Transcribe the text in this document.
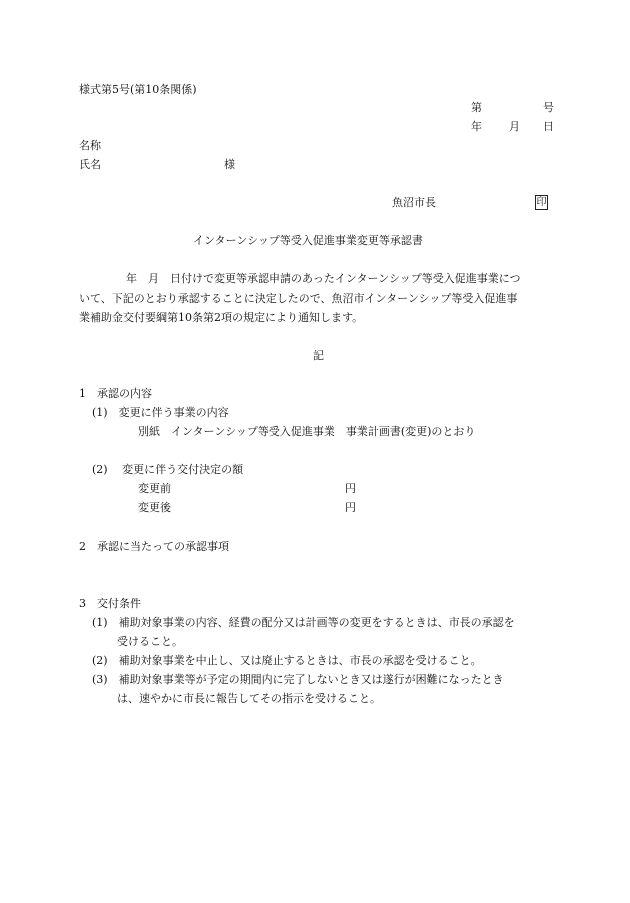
様式第5号(第10条関係)
第	号
年 月 日
名称
氏名	様
魚沼市長	印
インターンシップ等受入促進事業変更等承認書
年　月　日付けで変更等承認申請のあったインターンシップ等受入促進事業につ
いて、下記のとおり承認することに決定したので、魚沼市インターンシップ等受入促進事
業補助金交付要綱第10条第2項の規定により通知します。
記
1　承認の内容
(1)　変更に伴う事業の内容
別紙　インターンシップ等受入促進事業　事業計画書(変更)のとおり
(2)　 変更に伴う交付決定の額
変更前	円
変更後	円
2　承認に当たっての承認事項
3　交付条件
(1)　補助対象事業の内容、経費の配分又は計画等の変更をするときは、市長の承認を
受けること。
(2)　補助対象事業を中止し、又は廃止するときは、市長の承認を受けること。
(3)　補助対象事業等が予定の期間内に完了しないとき又は遂行が困難になったとき
は、速やかに市長に報告してその指示を受けること。
